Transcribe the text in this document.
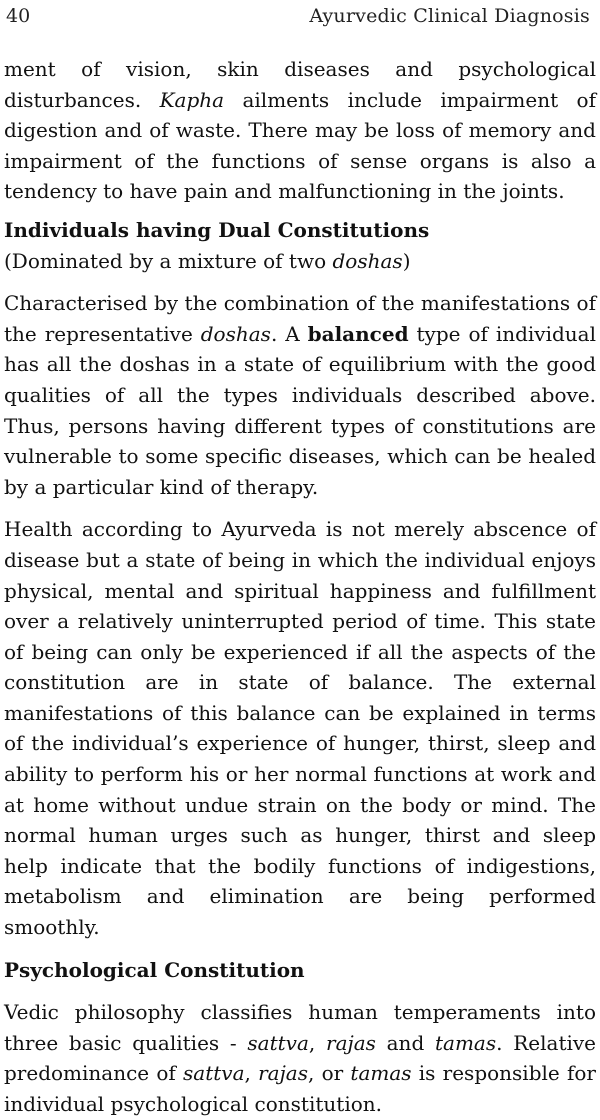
40	Ayurvedic Clinical Diagnosis

ment of vision, skin diseases and psychological disturbances. Kapha ailments include impairment of digestion and of waste. There may be loss of memory and impairment of the functions of sense organs is also a tendency to have pain and malfunctioning in the joints.

Individuals having Dual Constitutions
(Dominated by a mixture of two doshas)

Characterised by the combination of the manifestations of the representative doshas. A balanced type of individual has all the doshas in a state of equilibrium with the good qualities of all the types individuals described above. Thus, persons having different types of constitutions are vulnerable to some specific diseases, which can be healed by a particular kind of therapy.

Health according to Ayurveda is not merely abscence of disease but a state of being in which the individual enjoys physical, mental and spiritual happiness and fulfillment over a relatively uninterrupted period of time. This state of being can only be experienced if all the aspects of the constitution are in state of balance. The external manifestations of this balance can be explained in terms of the individual’s experience of hunger, thirst, sleep and ability to perform his or her normal functions at work and at home without undue strain on the body or mind. The normal human urges such as hunger, thirst and sleep help indicate that the bodily functions of indigestions, metabolism and elimination are being performed smoothly.

Psychological Constitution

Vedic philosophy classifies human temperaments into three basic qualities - sattva, rajas and tamas. Relative predominance of sattva, rajas, or tamas is responsible for individual psychological constitution.
